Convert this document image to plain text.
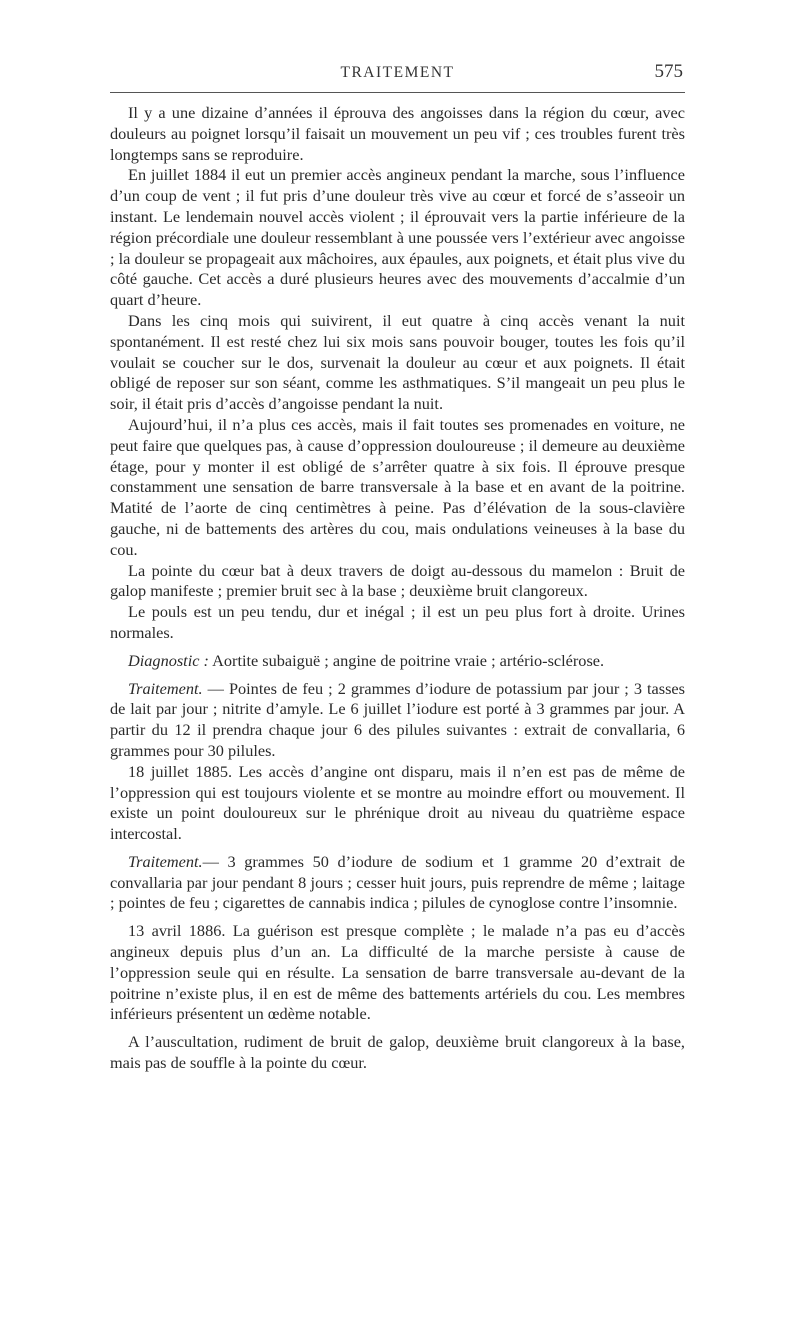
TRAITEMENT	575

Il y a une dizaine d’années il éprouva des angoisses dans la région du cœur, avec douleurs au poignet lorsqu’il faisait un mouvement un peu vif ; ces troubles furent très longtemps sans se reproduire.

En juillet 1884 il eut un premier accès angineux pendant la marche, sous l’influence d’un coup de vent ; il fut pris d’une douleur très vive au cœur et forcé de s’asseoir un instant. Le lendemain nouvel accès violent ; il éprouvait vers la partie inférieure de la région précordiale une douleur ressemblant à une poussée vers l’extérieur avec angoisse ; la douleur se propageait aux mâchoires, aux épaules, aux poignets, et était plus vive du côté gauche. Cet accès a duré plusieurs heures avec des mouvements d’accalmie d’un quart d’heure.

Dans les cinq mois qui suivirent, il eut quatre à cinq accès venant la nuit spontanément. Il est resté chez lui six mois sans pouvoir bouger, toutes les fois qu’il voulait se coucher sur le dos, survenait la douleur au cœur et aux poignets. Il était obligé de reposer sur son séant, comme les asthmatiques. S’il mangeait un peu plus le soir, il était pris d’accès d’angoisse pendant la nuit.

Aujourd’hui, il n’a plus ces accès, mais il fait toutes ses promenades en voiture, ne peut faire que quelques pas, à cause d’oppression douloureuse ; il demeure au deuxième étage, pour y monter il est obligé de s’arrêter quatre à six fois. Il éprouve presque constamment une sensation de barre transversale à la base et en avant de la poitrine. Matité de l’aorte de cinq centimètres à peine. Pas d’élévation de la sous-clavière gauche, ni de battements des artères du cou, mais ondulations veineuses à la base du cou.

La pointe du cœur bat à deux travers de doigt au-dessous du mamelon : Bruit de galop manifeste ; premier bruit sec à la base ; deuxième bruit clangoreux.

Le pouls est un peu tendu, dur et inégal ; il est un peu plus fort à droite. Urines normales.

Diagnostic : Aortite subaiguë ; angine de poitrine vraie ; artério-sclérose.

Traitement. — Pointes de feu ; 2 grammes d’iodure de potassium par jour ; 3 tasses de lait par jour ; nitrite d’amyle. Le 6 juillet l’iodure est porté à 3 grammes par jour. A partir du 12 il prendra chaque jour 6 des pilules suivantes : extrait de convallaria, 6 grammes pour 30 pilules.

18 juillet 1885. Les accès d’angine ont disparu, mais il n’en est pas de même de l’oppression qui est toujours violente et se montre au moindre effort ou mouvement. Il existe un point douloureux sur le phrénique droit au niveau du quatrième espace intercostal.

Traitement.— 3 grammes 50 d’iodure de sodium et 1 gramme 20 d’extrait de convallaria par jour pendant 8 jours ; cesser huit jours, puis reprendre de même ; laitage ; pointes de feu ; cigarettes de cannabis indica ; pilules de cynoglose contre l’insomnie.

13 avril 1886. La guérison est presque complète ; le malade n’a pas eu d’accès angineux depuis plus d’un an. La difficulté de la marche persiste à cause de l’oppression seule qui en résulte. La sensation de barre transversale au-devant de la poitrine n’existe plus, il en est de même des battements artériels du cou. Les membres inférieurs présentent un œdème notable.

A l’auscultation, rudiment de bruit de galop, deuxième bruit clangoreux à la base, mais pas de souffle à la pointe du cœur.
